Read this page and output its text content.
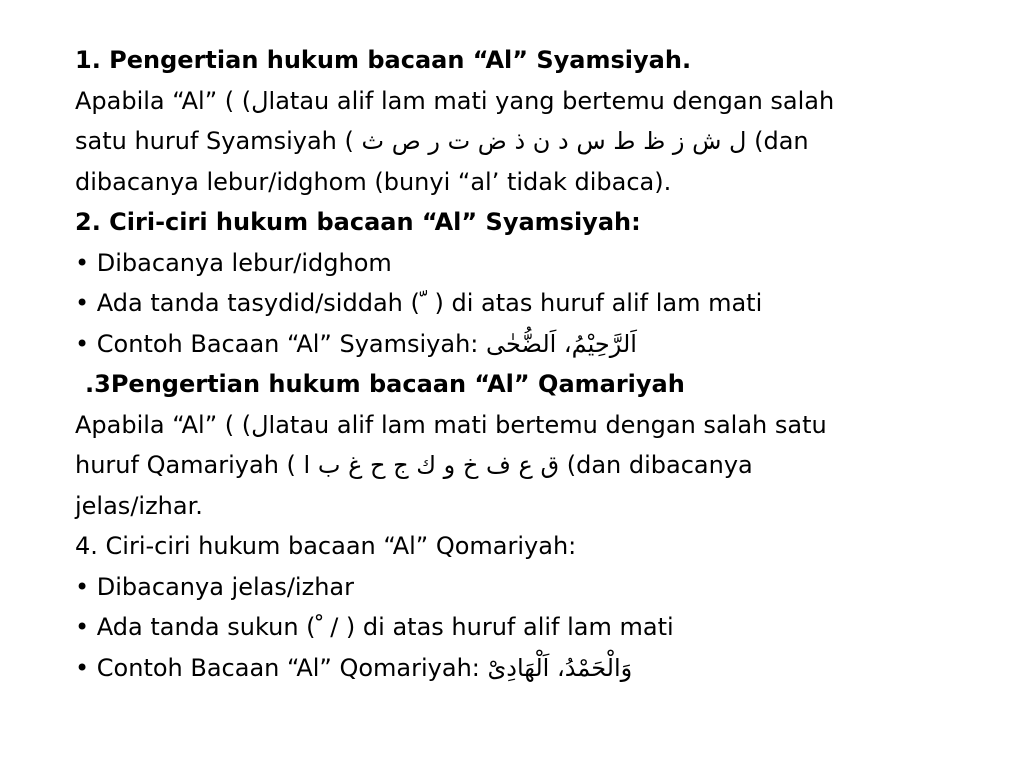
1. Pengertian hukum bacaan “Al” Syamsiyah.
Apabila “Al” ( (الatau alif lam mati yang bertemu dengan salah
satu huruf Syamsiyah ( ) ل ش ز ظ ط س د ن ذ ض ت ر ص ثdan
dibacanya lebur/idghom (bunyi “al’ tidak dibaca).
2. Ciri-ciri hukum bacaan “Al” Syamsiyah:
• Dibacanya lebur/idghom
• Ada tanda tasydid/siddah ( ّ ) di atas huruf alif lam mati
• Contoh Bacaan “Al” Syamsiyah: اَلرَّحِيْمُ، اَلضُّحٰى
.3Pengertian hukum bacaan “Al” Qamariyah
Apabila “Al” ( (الatau alif lam mati bertemu dengan salah satu
huruf Qamariyah ( ) ق ع ف خ و ك ج ح غ ب اdan dibacanya
jelas/izhar.
4. Ciri-ciri hukum bacaan “Al” Qomariyah:
• Dibacanya jelas/izhar
• Ada tanda sukun ( ْ / ) di atas huruf alif lam mati
• Contoh Bacaan “Al” Qomariyah: وَالْحَمْدُ، اَلْهَادِىْ
